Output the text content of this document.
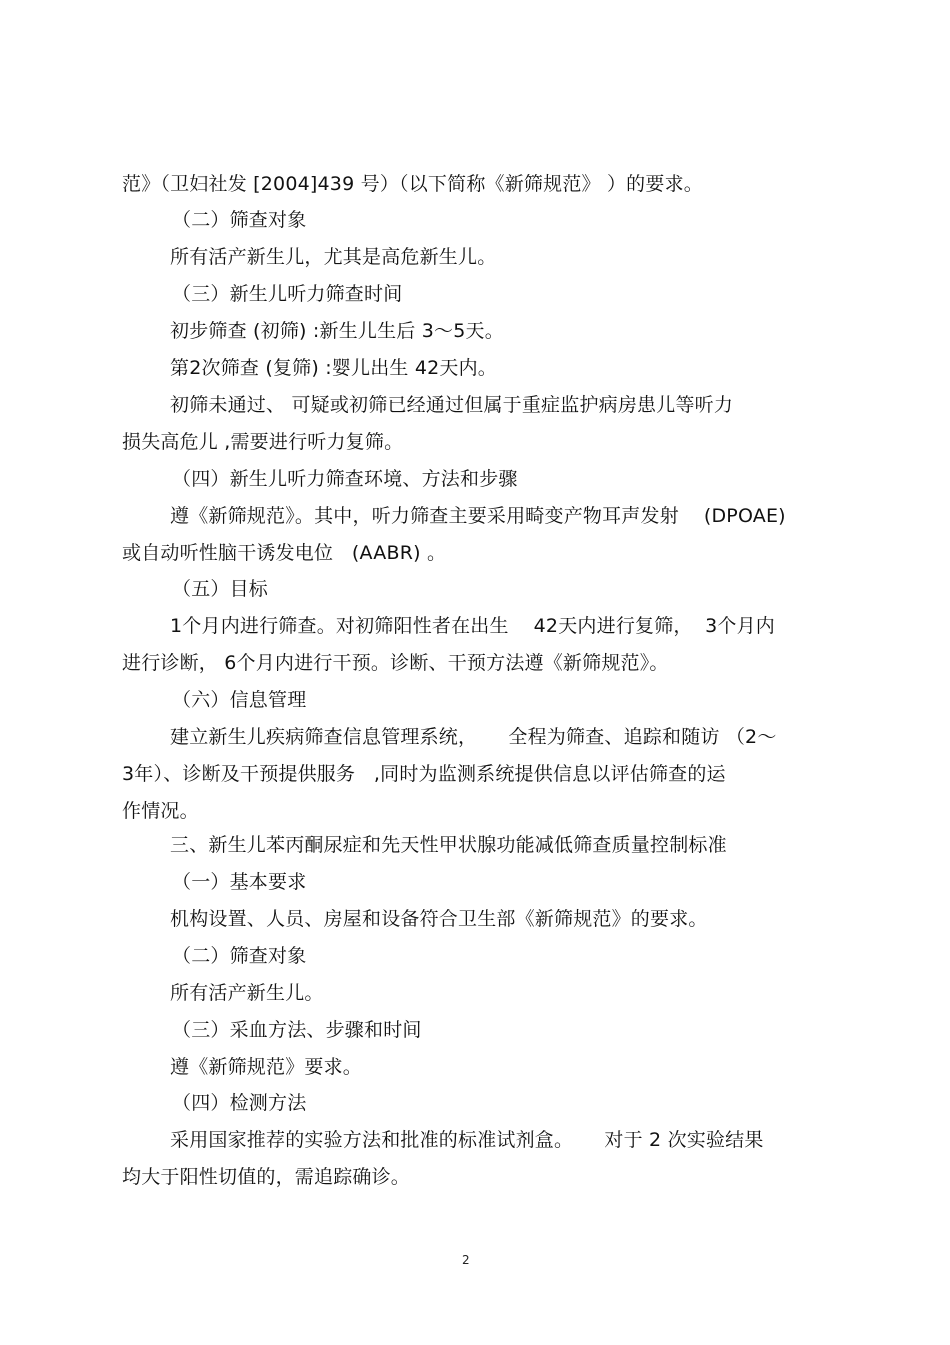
范》（卫妇社发 [2004]439 号）（以下简称《新筛规范》 ）的要求。
（二）筛查对象
所有活产新生儿，尤其是高危新生儿。
（三）新生儿听力筛查时间
初步筛查 (初筛) :新生儿生后 3～5天。
第2次筛查 (复筛) :婴儿出生 42天内。
初筛未通过、 可疑或初筛已经通过但属于重症监护病房患儿等听力
损失高危儿 ,需要进行听力复筛。
（四）新生儿听力筛查环境、方法和步骤
遵《新筛规范》。其中，听力筛查主要采用畸变产物耳声发射    (DPOAE)
或自动听性脑干诱发电位   (AABR) 。
（五）目标
1个月内进行筛查。对初筛阳性者在出生    42天内进行复筛，  3个月内
进行诊断， 6个月内进行干预。诊断、干预方法遵《新筛规范》。
（六）信息管理
建立新生儿疾病筛查信息管理系统，     全程为筛查、追踪和随访 （2～
3年）、诊断及干预提供服务   ,同时为监测系统提供信息以评估筛查的运
作情况。
三、新生儿苯丙酮尿症和先天性甲状腺功能减低筛查质量控制标准
（一）基本要求
机构设置、人员、房屋和设备符合卫生部《新筛规范》的要求。
（二）筛查对象
所有活产新生儿。
（三）采血方法、步骤和时间
遵《新筛规范》要求。
（四）检测方法
采用国家推荐的实验方法和批准的标准试剂盒。     对于 2 次实验结果
均大于阳性切值的，需追踪确诊。
2
